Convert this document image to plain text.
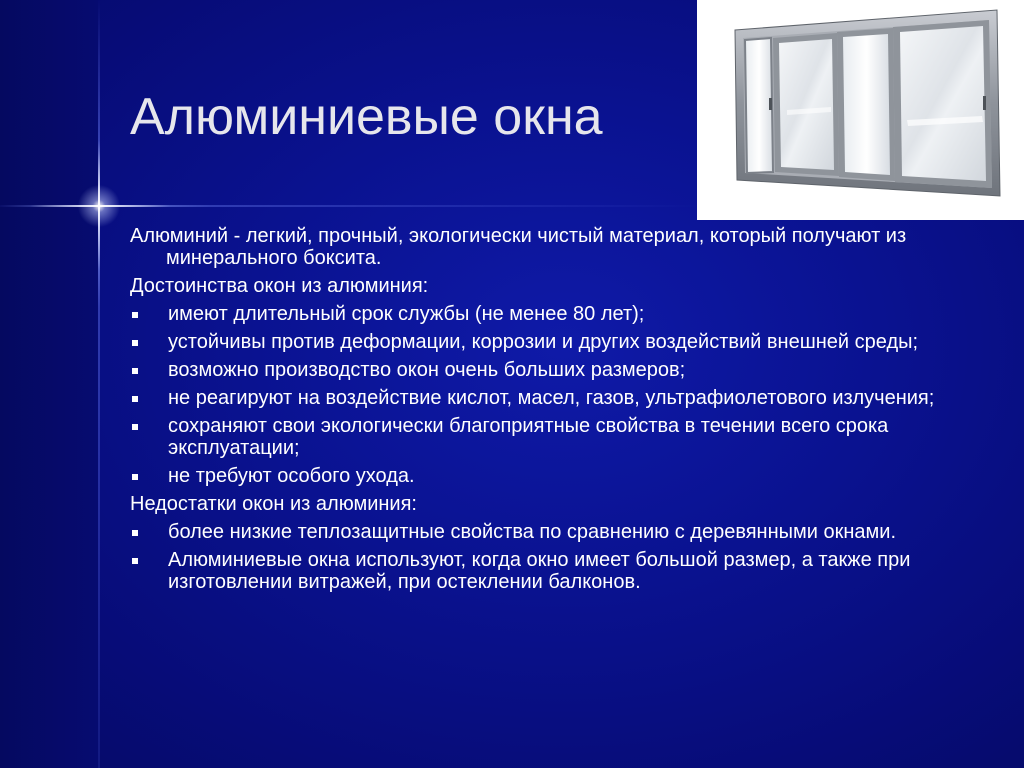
Алюминиевые окна

Алюминий - легкий, прочный, экологически чистый материал, который получают из минерального боксита.

Достоинства окон из алюминия:

имеют длительный срок службы (не менее 80 лет);
устойчивы против деформации, коррозии и других воздействий внешней среды;
возможно производство окон очень больших размеров;
не реагируют на воздействие кислот, масел, газов, ультрафиолетового излучения;
сохраняют свои экологически благоприятные свойства в течении всего срока эксплуатации;
не требуют особого ухода.

Недостатки окон из алюминия:

более низкие теплозащитные свойства по сравнению с деревянными окнами.
Алюминиевые окна используют, когда окно имеет большой размер, а также при изготовлении витражей, при остеклении балконов.
